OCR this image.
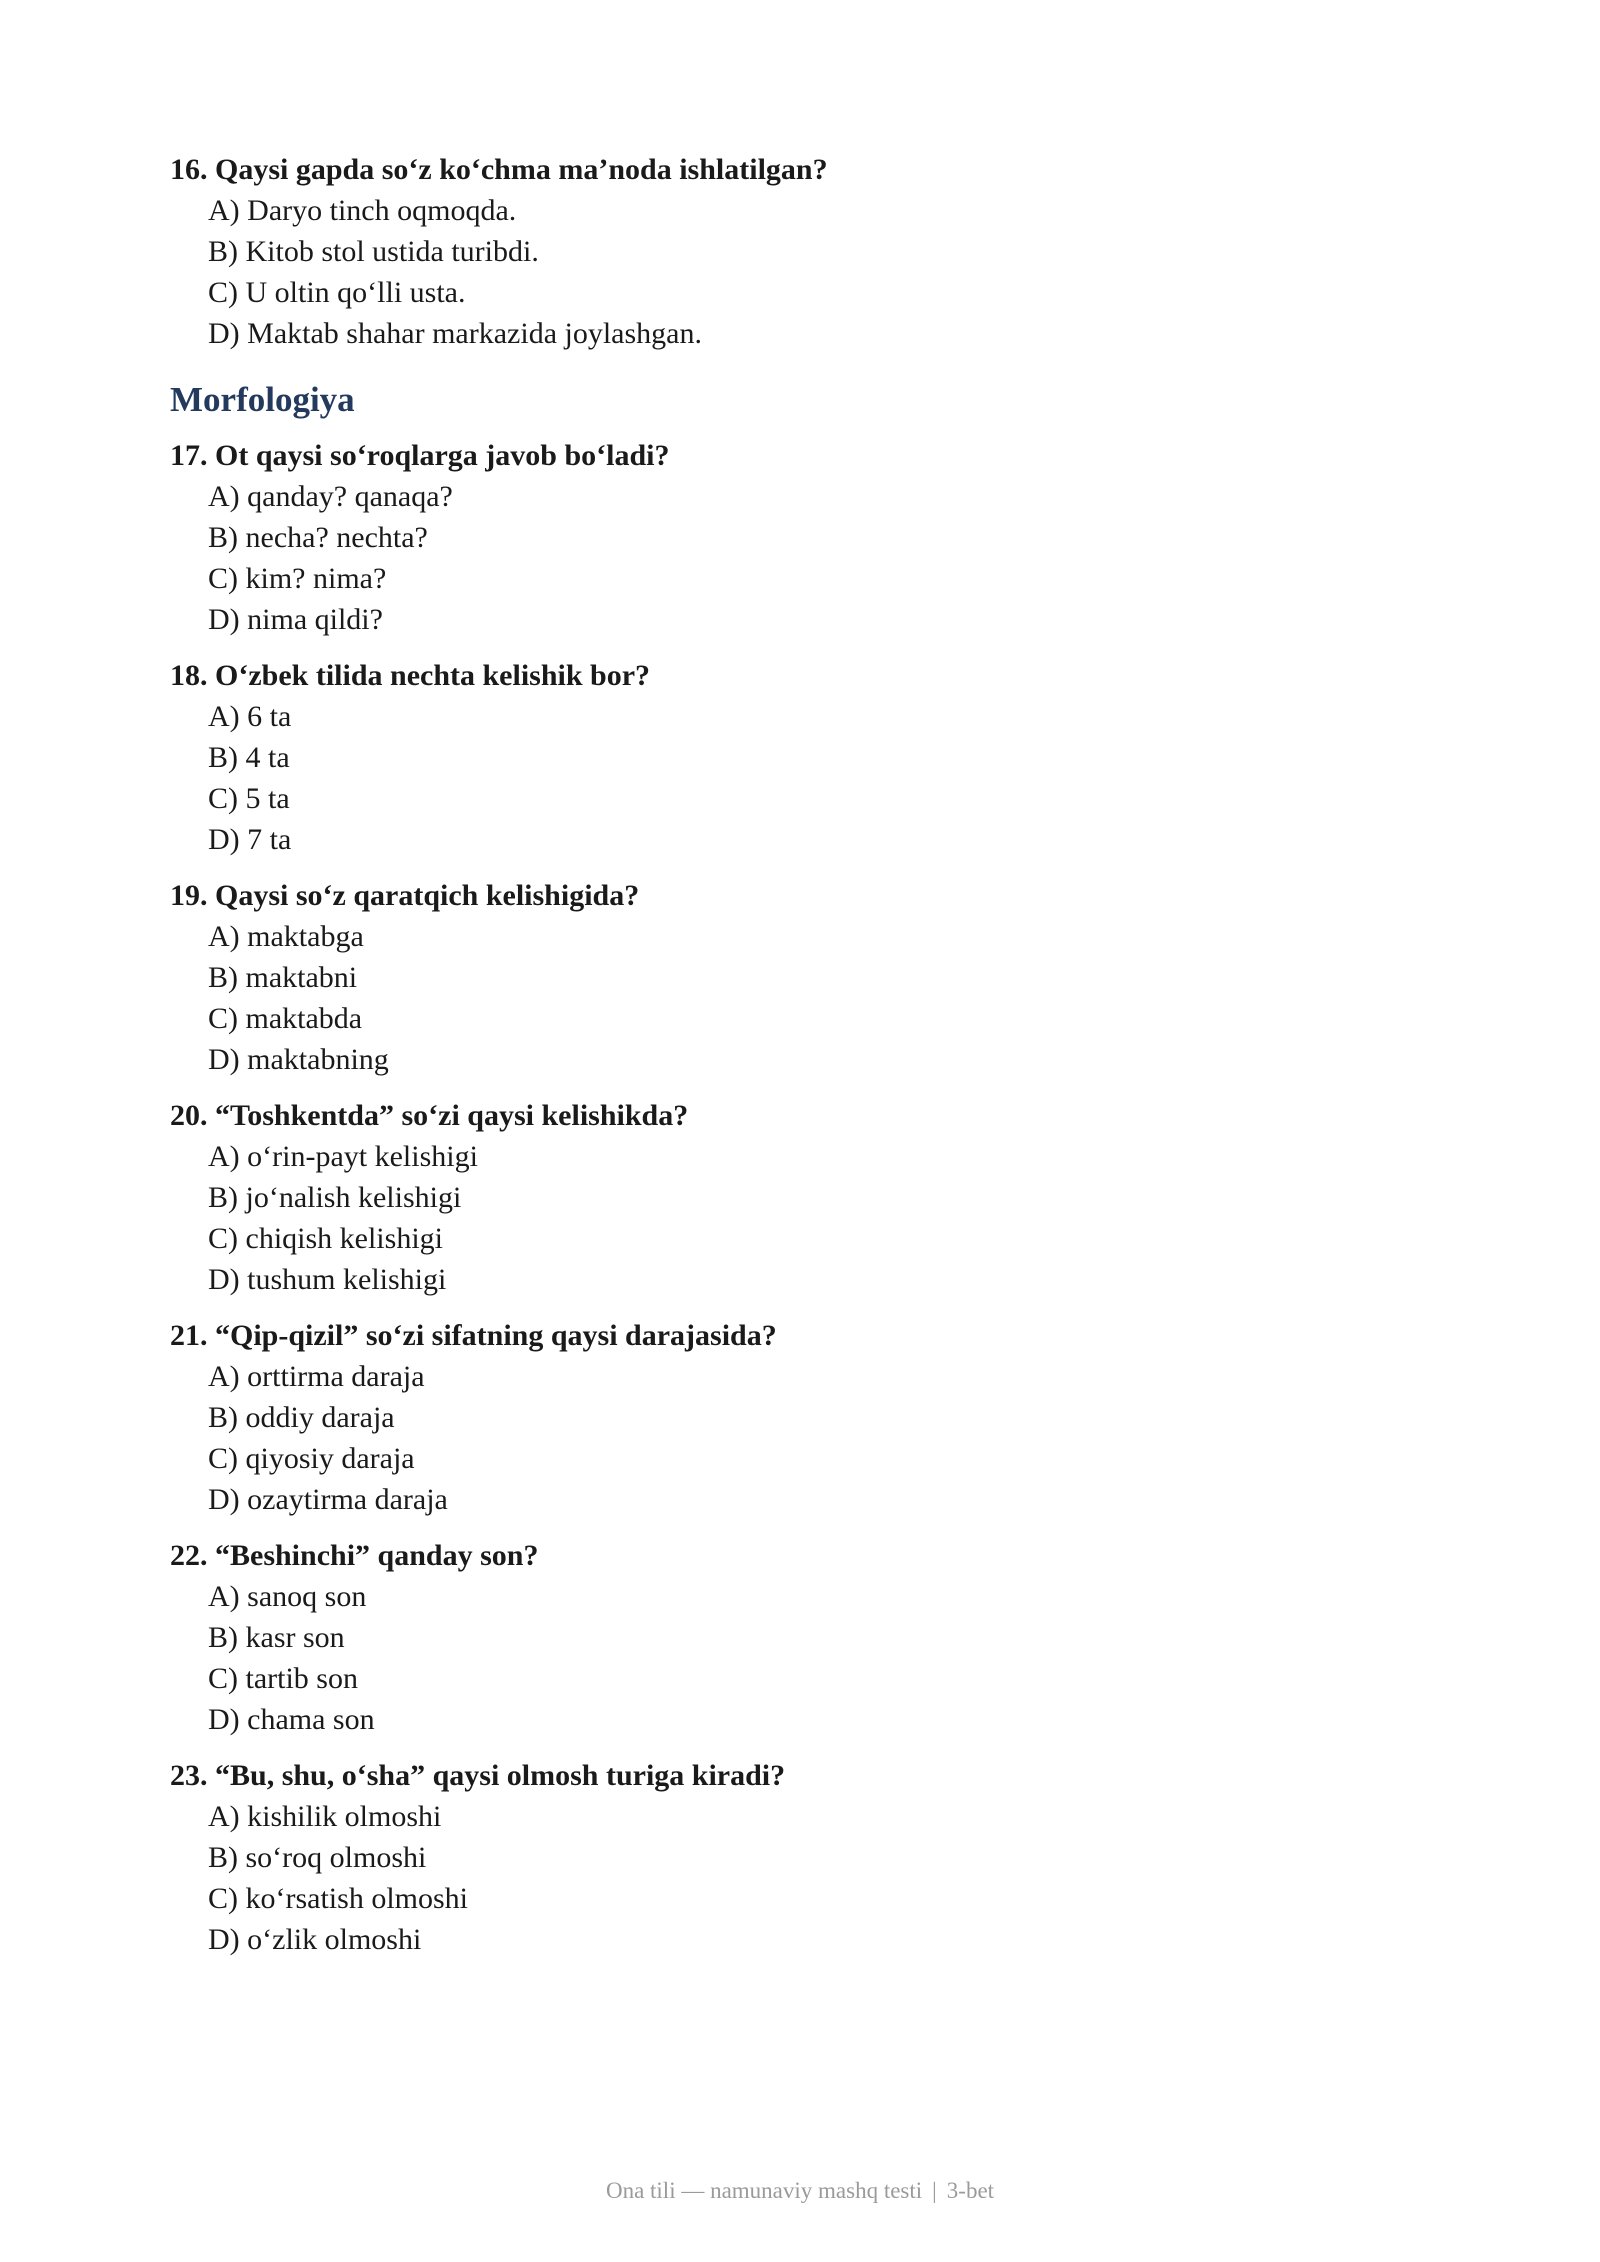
16. Qaysi gapda so‘z ko‘chma ma’noda ishlatilgan?
A) Daryo tinch oqmoqda.
B) Kitob stol ustida turibdi.
C) U oltin qo‘lli usta.
D) Maktab shahar markazida joylashgan.
Morfologiya
17. Ot qaysi so‘roqlarga javob bo‘ladi?
A) qanday? qanaqa?
B) necha? nechta?
C) kim? nima?
D) nima qildi?
18. O‘zbek tilida nechta kelishik bor?
A) 6 ta
B) 4 ta
C) 5 ta
D) 7 ta
19. Qaysi so‘z qaratqich kelishigida?
A) maktabga
B) maktabni
C) maktabda
D) maktabning
20. “Toshkentda” so‘zi qaysi kelishikda?
A) o‘rin-payt kelishigi
B) jo‘nalish kelishigi
C) chiqish kelishigi
D) tushum kelishigi
21. “Qip-qizil” so‘zi sifatning qaysi darajasida?
A) orttirma daraja
B) oddiy daraja
C) qiyosiy daraja
D) ozaytirma daraja
22. “Beshinchi” qanday son?
A) sanoq son
B) kasr son
C) tartib son
D) chama son
23. “Bu, shu, o‘sha” qaysi olmosh turiga kiradi?
A) kishilik olmoshi
B) so‘roq olmoshi
C) ko‘rsatish olmoshi
D) o‘zlik olmoshi
Ona tili — namunaviy mashq testi | 3-bet
